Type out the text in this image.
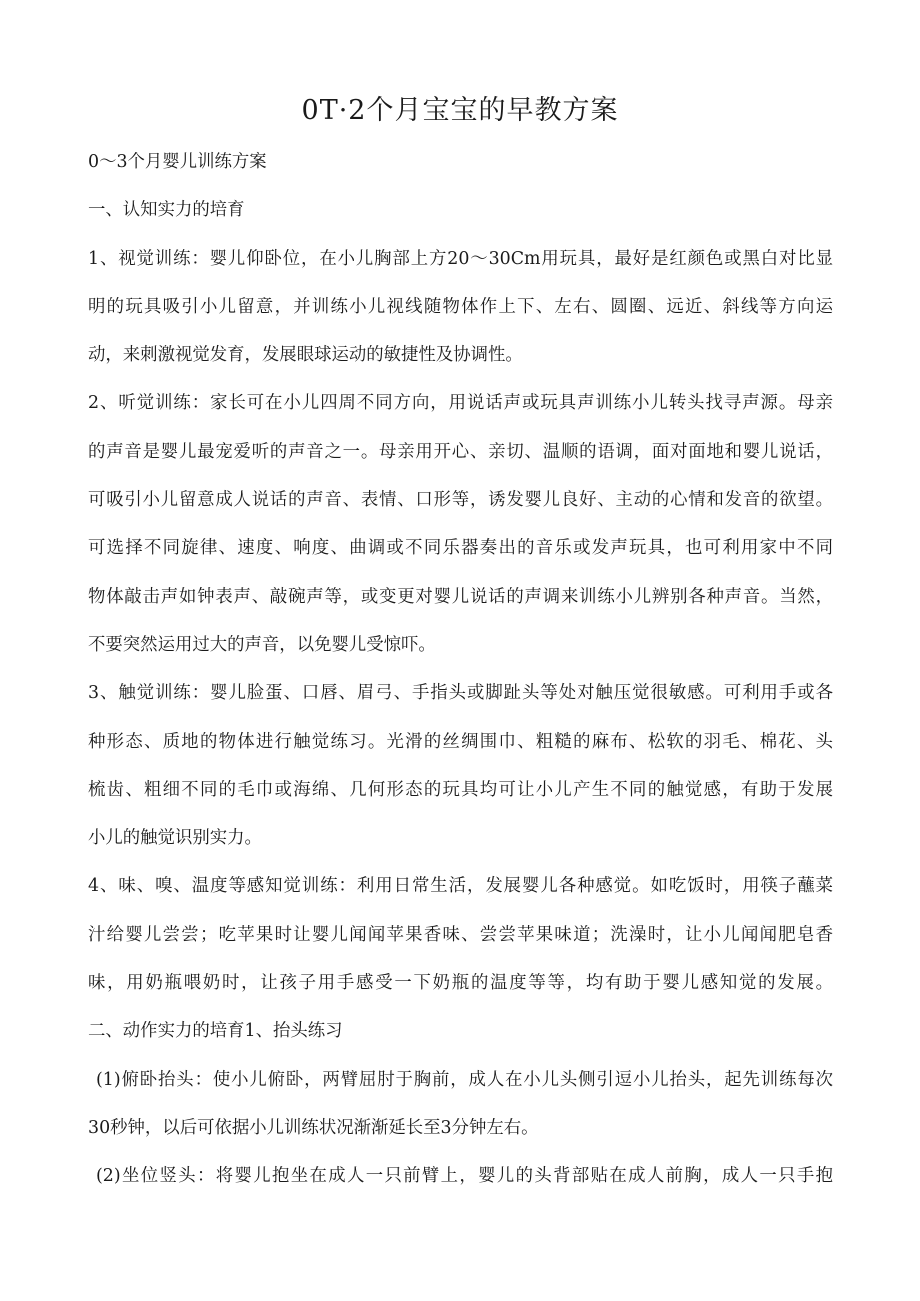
0T·2个月宝宝的早教方案
0～3个月婴儿训练方案
一、认知实力的培育
1、视觉训练：婴儿仰卧位，在小儿胸部上方20～30Cm用玩具，最好是红颜色或黑白对比显
明的玩具吸引小儿留意，并训练小儿视线随物体作上下、左右、圆圈、远近、斜线等方向运
动，来刺激视觉发育，发展眼球运动的敏捷性及协调性。
2、听觉训练：家长可在小儿四周不同方向，用说话声或玩具声训练小儿转头找寻声源。母亲
的声音是婴儿最宠爱听的声音之一。母亲用开心、亲切、温顺的语调，面对面地和婴儿说话，
可吸引小儿留意成人说话的声音、表情、口形等，诱发婴儿良好、主动的心情和发音的欲望。
可选择不同旋律、速度、响度、曲调或不同乐器奏出的音乐或发声玩具，也可利用家中不同
物体敲击声如钟表声、敲碗声等，或变更对婴儿说话的声调来训练小儿辨别各种声音。当然，
不要突然运用过大的声音，以免婴儿受惊吓。
3、触觉训练：婴儿脸蛋、口唇、眉弓、手指头或脚趾头等处对触压觉很敏感。可利用手或各
种形态、质地的物体进行触觉练习。光滑的丝绸围巾、粗糙的麻布、松软的羽毛、棉花、头
梳齿、粗细不同的毛巾或海绵、几何形态的玩具均可让小儿产生不同的触觉感，有助于发展
小儿的触觉识别实力。
4、味、嗅、温度等感知觉训练：利用日常生活，发展婴儿各种感觉。如吃饭时，用筷子蘸菜
汁给婴儿尝尝；吃苹果时让婴儿闻闻苹果香味、尝尝苹果味道；洗澡时，让小儿闻闻肥皂香
味，用奶瓶喂奶时，让孩子用手感受一下奶瓶的温度等等，均有助于婴儿感知觉的发展。
二、动作实力的培育1、抬头练习
(1)俯卧抬头：使小儿俯卧，两臂屈肘于胸前，成人在小儿头侧引逗小儿抬头，起先训练每次
30秒钟，以后可依据小儿训练状况渐渐延长至3分钟左右。
(2)坐位竖头：将婴儿抱坐在成人一只前臂上，婴儿的头背部贴在成人前胸，成人一只手抱
